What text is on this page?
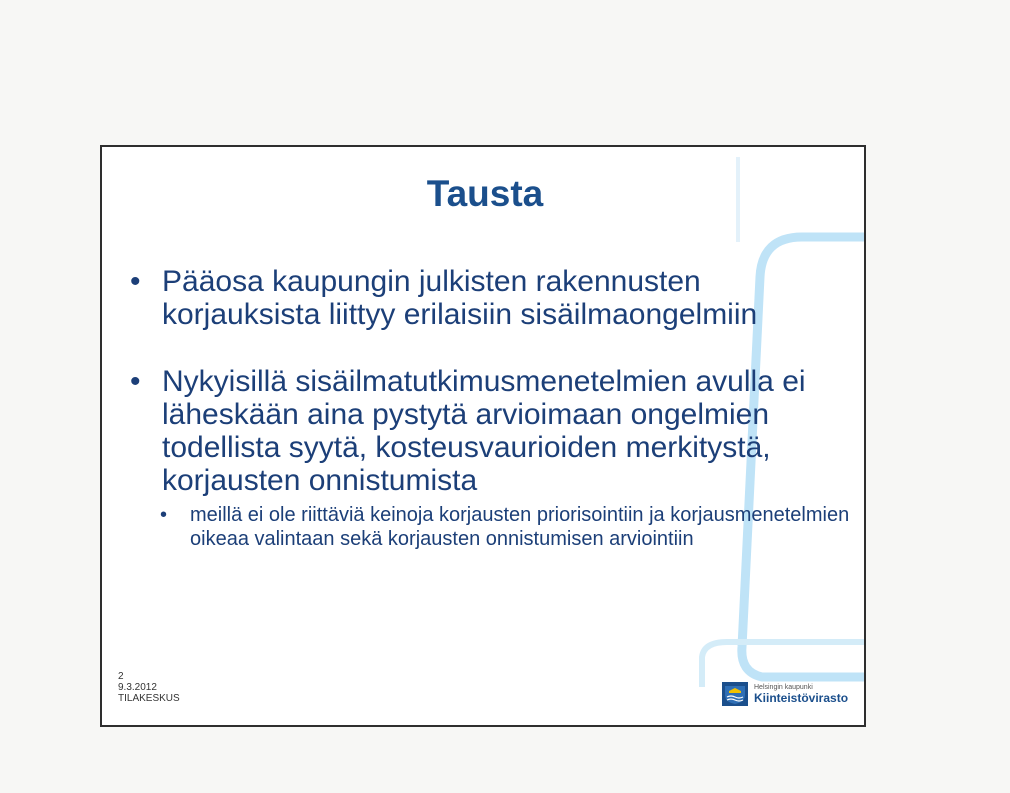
Tausta
• Pääosa kaupungin julkisten rakennusten korjauksista liittyy erilaisiin sisäilmaongelmiin
• Nykyisillä sisäilmatutkimusmenetelmien avulla ei läheskään aina pystytä arvioimaan ongelmien todellista syytä, kosteusvaurioiden merkitystä, korjausten onnistumista
• meillä ei ole riittäviä keinoja korjausten priorisointiin ja korjausmenetelmien oikeaa valintaan sekä korjausten onnistumisen arviointiin
2
9.3.2012
TILAKESKUS
Helsingin kaupunki
Kiinteistövirasto
